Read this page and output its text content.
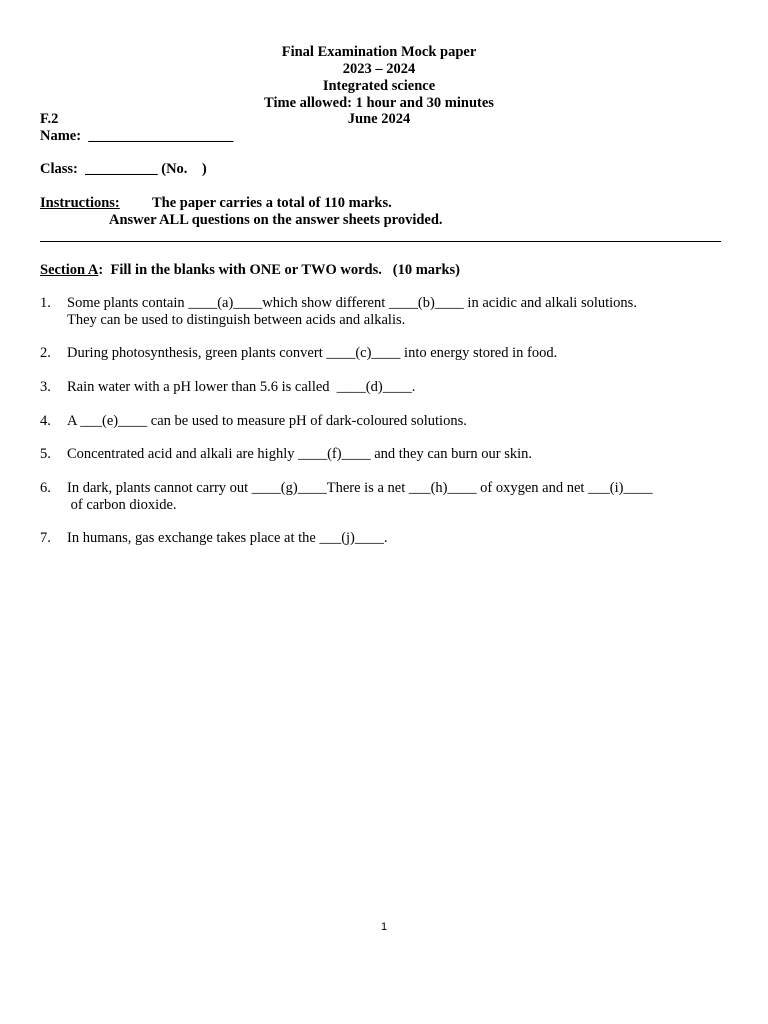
Final Examination Mock paper
2023 – 2024
Integrated science
Time allowed: 1 hour and 30 minutes
F.2	June 2024
Name: ____________________
Class: __________ (No.    )
Instructions: The paper carries a total of 110 marks.
Answer ALL questions on the answer sheets provided.
Section A:  Fill in the blanks with ONE or TWO words.   (10 marks)
1. Some plants contain ____(a)____which show different ____(b)____ in acidic and alkali solutions.
They can be used to distinguish between acids and alkalis.
2. During photosynthesis, green plants convert ____(c)____ into energy stored in food.
3. Rain water with a pH lower than 5.6 is called  ____(d)____.
4. A ___(e)____ can be used to measure pH of dark-coloured solutions.
5. Concentrated acid and alkali are highly ____(f)____ and they can burn our skin.
6. In dark, plants cannot carry out ____(g)____There is a net ___(h)____ of oxygen and net ___(i)____
of carbon dioxide.
7. In humans, gas exchange takes place at the ___(j)____.
1
